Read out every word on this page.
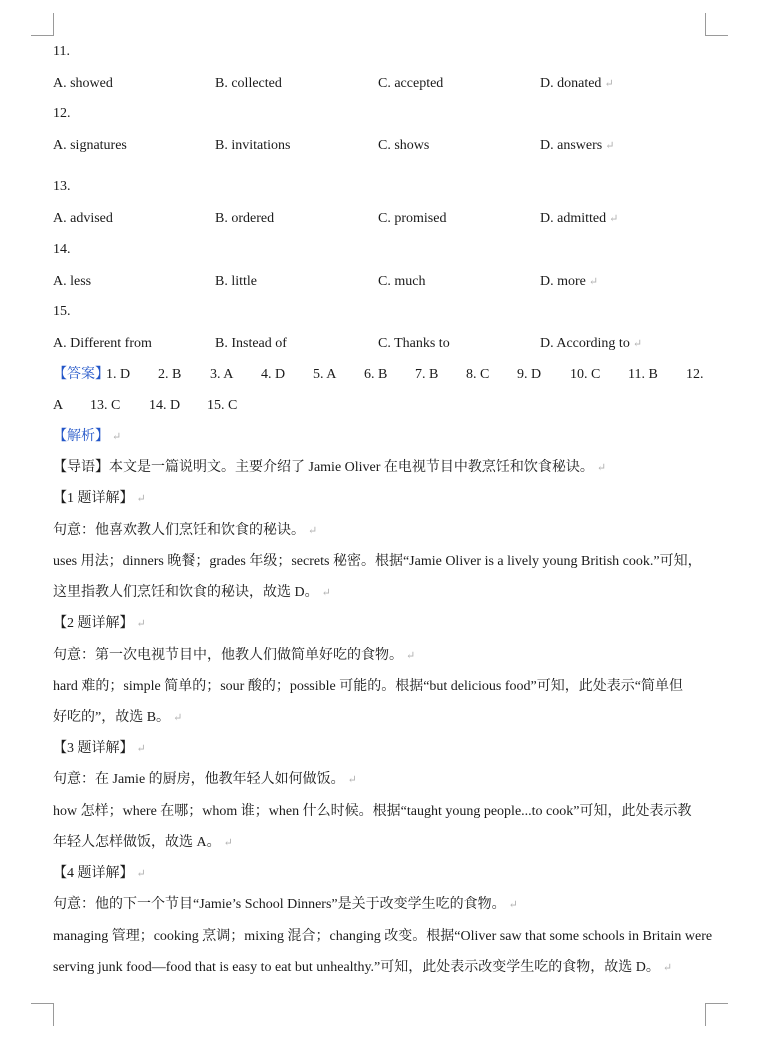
11.
A. showed	B. collected	C. accepted	D. donated ↵
12.
A. signatures	B. invitations	C. shows	D. answers ↵
13.
A. advised	B. ordered	C. promised	D. admitted ↵
14.
A. less	B. little	C. much	D. more ↵
15.
A. Different from	B. Instead of	C. Thanks to	D. According to ↵
【答案】
1. D 2. B 3. A 4. D 5. A 6. B 7. B 8. C 9. D 10. C 11. B 12.
A 13. C 14. D 15. C
【解析】 ↵
【导语】本文是一篇说明文。主要介绍了 Jamie Oliver 在电视节目中教烹饪和饮食秘诀。 ↵
【1 题详解】 ↵
句意：他喜欢教人们烹饪和饮食的秘诀。 ↵
uses 用法；dinners 晚餐；grades 年级；secrets 秘密。根据“Jamie Oliver is a lively young British cook.”可知，
这里指教人们烹饪和饮食的秘诀，故选 D。 ↵
【2 题详解】 ↵
句意：第一次电视节目中，他教人们做简单好吃的食物。 ↵
hard 难的；simple 简单的；sour 酸的；possible 可能的。根据“but delicious food”可知，此处表示“简单但
好吃的”，故选 B。 ↵
【3 题详解】 ↵
句意：在 Jamie 的厨房，他教年轻人如何做饭。 ↵
how 怎样；where 在哪；whom 谁；when 什么时候。根据“taught young people...to cook”可知，此处表示教
年轻人怎样做饭，故选 A。 ↵
【4 题详解】 ↵
句意：他的下一个节目“Jamie’s School Dinners”是关于改变学生吃的食物。 ↵
managing 管理；cooking 烹调；mixing 混合；changing 改变。根据“Oliver saw that some schools in Britain were
serving junk food—food that is easy to eat but unhealthy.”可知，此处表示改变学生吃的食物，故选 D。 ↵
